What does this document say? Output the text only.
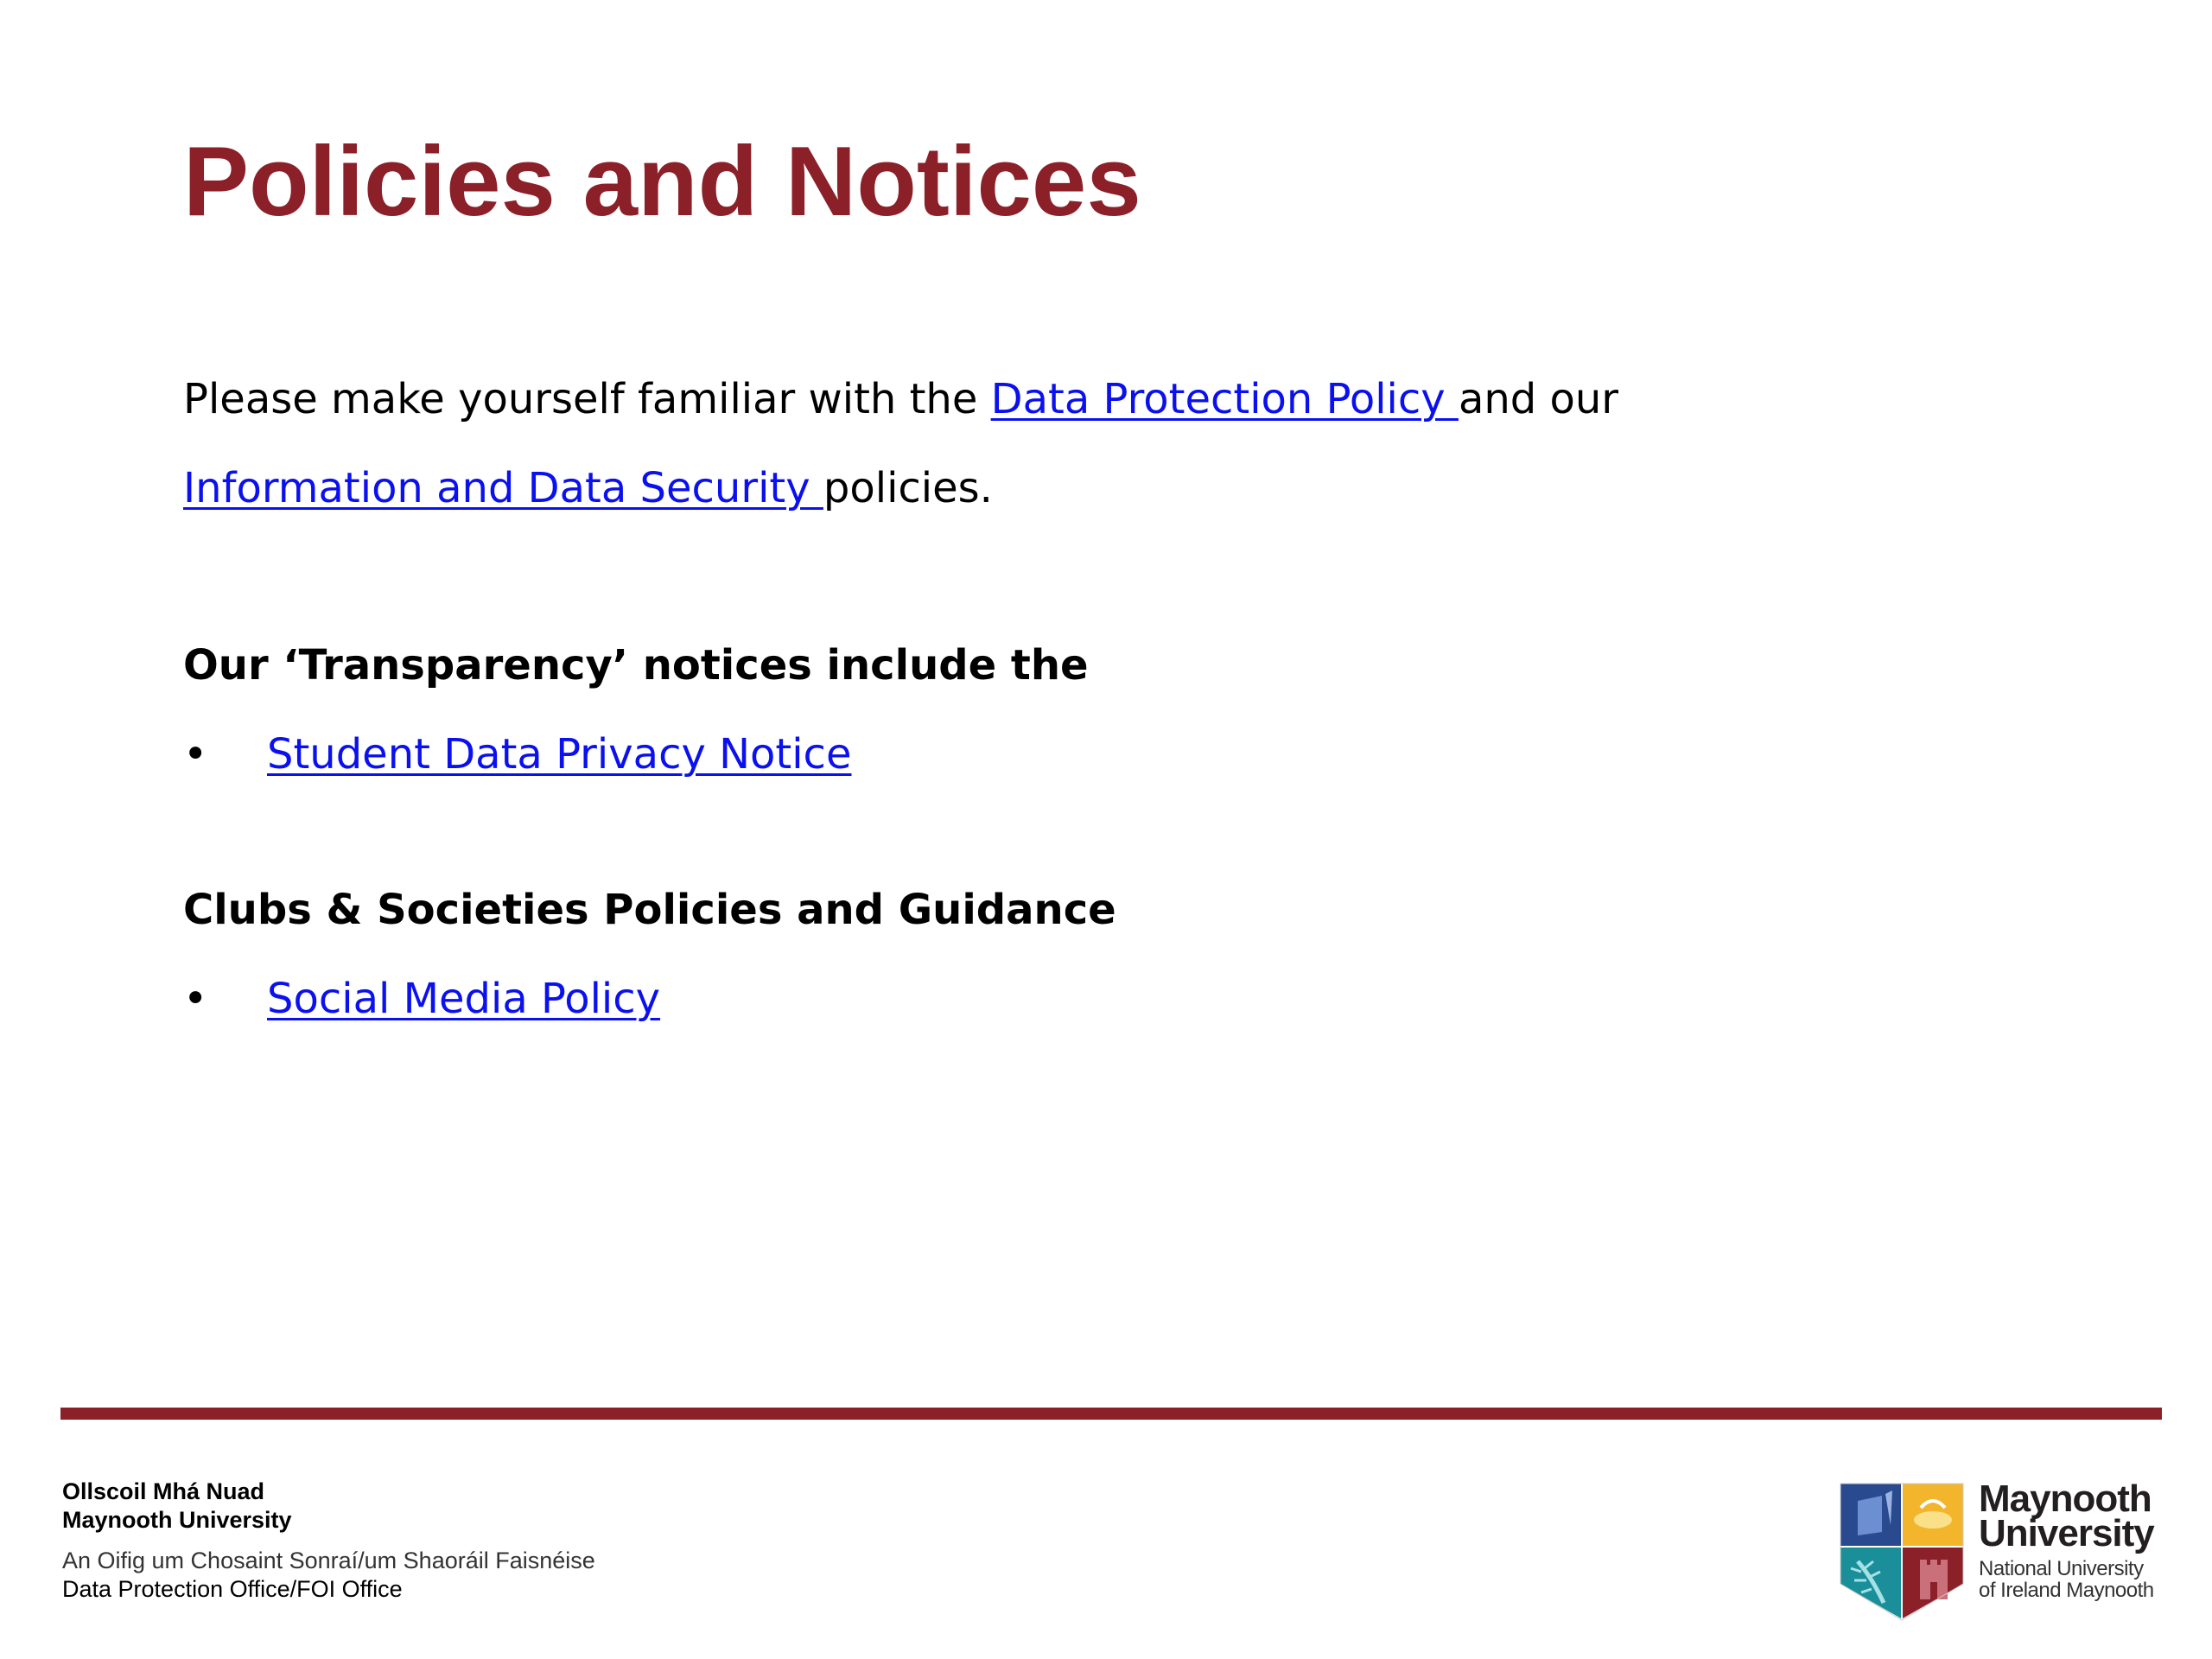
Policies and Notices

Please make yourself familiar with the Data Protection Policy and our

Information and Data Security policies.

Our ‘Transparency’ notices include the

•	Student Data Privacy Notice

Clubs & Societies Policies and Guidance

•	Social Media Policy

Ollscoil Mhá Nuad

Maynooth University

An Oifig um Chosaint Sonraí/um Shaoráil Faisnéise

Data Protection Office/FOI Office

Maynooth

University

National University

of Ireland Maynooth
